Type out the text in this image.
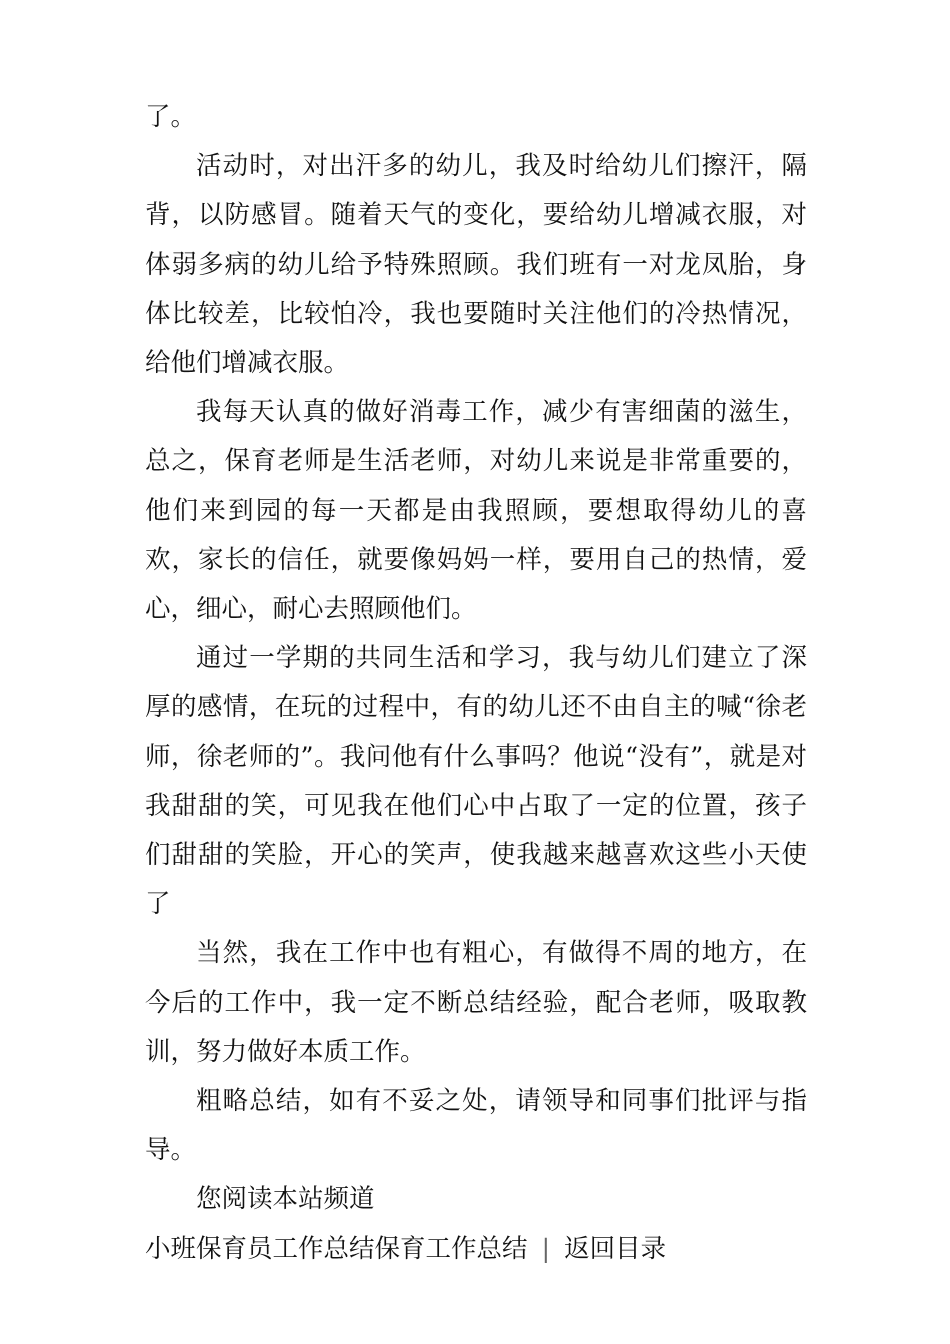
了。

活动时，对出汗多的幼儿，我及时给幼儿们擦汗，隔背，以防感冒。随着天气的变化，要给幼儿增减衣服，对体弱多病的幼儿给予特殊照顾。我们班有一对龙凤胎，身体比较差，比较怕冷，我也要随时关注他们的冷热情况，给他们增减衣服。

我每天认真的做好消毒工作，减少有害细菌的滋生，总之，保育老师是生活老师，对幼儿来说是非常重要的，他们来到园的每一天都是由我照顾，要想取得幼儿的喜欢，家长的信任，就要像妈妈一样，要用自己的热情，爱心，细心，耐心去照顾他们。

通过一学期的共同生活和学习，我与幼儿们建立了深厚的感情，在玩的过程中，有的幼儿还不由自主的喊“徐老师，徐老师的”。我问他有什么事吗？他说“没有”，就是对我甜甜的笑，可见我在他们心中占取了一定的位置，孩子们甜甜的笑脸，开心的笑声，使我越来越喜欢这些小天使了

当然，我在工作中也有粗心，有做得不周的地方，在今后的工作中，我一定不断总结经验，配合老师，吸取教训，努力做好本质工作。

粗略总结，如有不妥之处，请领导和同事们批评与指导。

您阅读本站频道

小班保育员工作总结保育工作总结 | 返回目录
